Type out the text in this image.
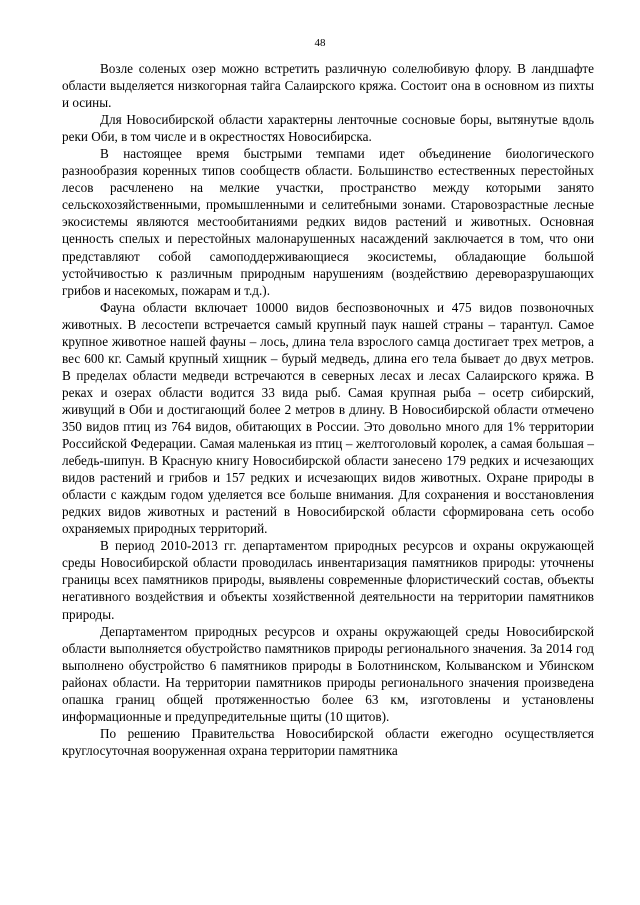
48

Возле соленых озер можно встретить различную солелюбивую флору. В ландшафте области выделяется низкогорная тайга Салаирского кряжа. Состоит она в основном из пихты и осины.

Для Новосибирской области характерны ленточные сосновые боры, вытянутые вдоль реки Оби, в том числе и в окрестностях Новосибирска.

В настоящее время быстрыми темпами идет объединение биологического разнообразия коренных типов сообществ области. Большинство естественных перестойных лесов расчленено на мелкие участки, пространство между которыми занято сельскохозяйственными, промышленными и селитебными зонами. Старовозрастные лесные экосистемы являются местообитаниями редких видов растений и животных. Основная ценность спелых и перестойных малонарушенных насаждений заключается в том, что они представляют собой самоподдерживающиеся экосистемы, обладающие большой устойчивостью к различным природным нарушениям (воздействию дереворазрушающих грибов и насекомых, пожарам и т.д.).

Фауна области включает 10000 видов беспозвоночных и 475 видов позвоночных животных. В лесостепи встречается самый крупный паук нашей страны – тарантул. Самое крупное животное нашей фауны – лось, длина тела взрослого самца достигает трех метров, а вес 600 кг. Самый крупный хищник – бурый медведь, длина его тела бывает до двух метров. В пределах области медведи встречаются в северных лесах и лесах Салаирского кряжа. В реках и озерах области водится 33 вида рыб. Самая крупная рыба – осетр сибирский, живущий в Оби и достигающий более 2 метров в длину. В Новосибирской области отмечено 350 видов птиц из 764 видов, обитающих в России. Это довольно много для 1% территории Российской Федерации. Самая маленькая из птиц – желтоголовый королек, а самая большая – лебедь-шипун. В Красную книгу Новосибирской области занесено 179 редких и исчезающих видов растений и грибов и 157 редких и исчезающих видов животных. Охране природы в области с каждым годом уделяется все больше внимания. Для сохранения и восстановления редких видов животных и растений в Новосибирской области сформирована сеть особо охраняемых природных территорий.

В период 2010-2013 гг. департаментом природных ресурсов и охраны окружающей среды Новосибирской области проводилась инвентаризация памятников природы: уточнены границы всех памятников природы, выявлены современные флористический состав, объекты негативного воздействия и объекты хозяйственной деятельности на территории памятников природы.

Департаментом природных ресурсов и охраны окружающей среды Новосибирской области выполняется обустройство памятников природы регионального значения. За 2014 год выполнено обустройство 6 памятников природы в Болотнинском, Колыванском и Убинском районах области. На территории памятников природы регионального значения произведена опашка границ общей протяженностью более 63 км, изготовлены и установлены информационные и предупредительные щиты (10 щитов).

По решению Правительства Новосибирской области ежегодно осуществляется круглосуточная вооруженная охрана территории памятника
